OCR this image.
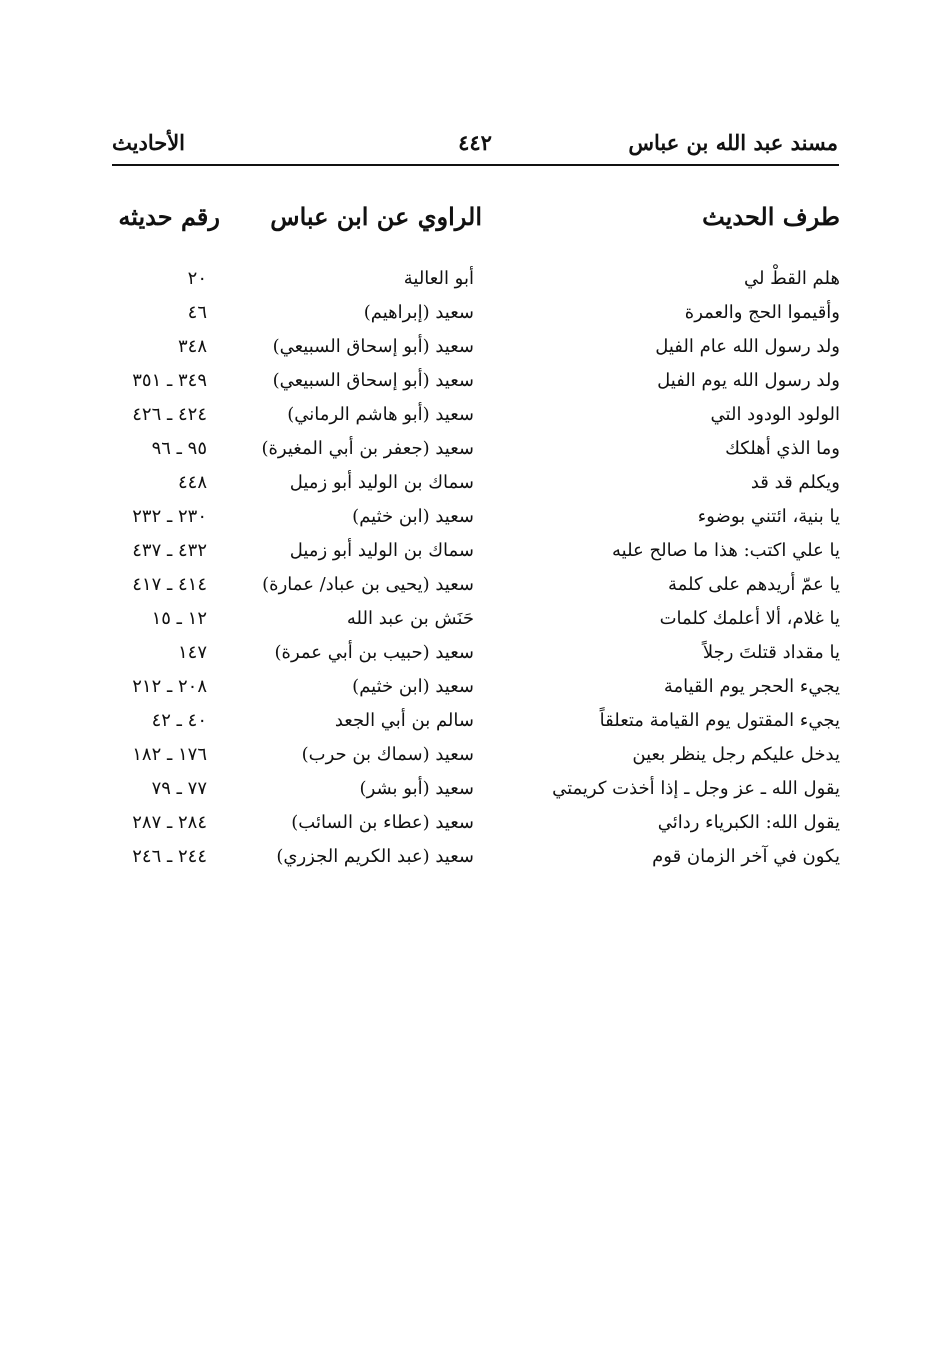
مسند عبد الله بن عباس
٤٤٢
الأحاديث
طرف الحديث
الراوي عن ابن عباس
رقم حديثه
هلم القطْ لي
أبو العالية
٢٠
وأقيموا الحج والعمرة
سعيد (إبراهيم)
٤٦
ولد رسول الله عام الفيل
سعيد (أبو إسحاق السبيعي)
٣٤٨
ولد رسول الله يوم الفيل
سعيد (أبو إسحاق السبيعي)
٣٤٩ ـ ٣٥١
الولود الودود التي
سعيد (أبو هاشم الرماني)
٤٢٤ ـ ٤٢٦
وما الذي أهلكك
سعيد (جعفر بن أبي المغيرة)
٩٥ ـ ٩٦
ويكلم قد قد
سماك بن الوليد أبو زميل
٤٤٨
يا بنية، ائتني بوضوء
سعيد (ابن خثيم)
٢٣٠ ـ ٢٣٢
يا علي اكتب: هذا ما صالح عليه
سماك بن الوليد أبو زميل
٤٣٢ ـ ٤٣٧
يا عمّ أريدهم على كلمة
سعيد (يحيى بن عباد/ عمارة)
٤١٤ ـ ٤١٧
يا غلام، ألا أعلمك كلمات
حَنَش بن عبد الله
١٢ ـ ١٥
يا مقداد قتلتَ رجلاً
سعيد (حبيب بن أبي عمرة)
١٤٧
يجيء الحجر يوم القيامة
سعيد (ابن خثيم)
٢٠٨ ـ ٢١٢
يجيء المقتول يوم القيامة متعلقاً
سالم بن أبي الجعد
٤٠ ـ ٤٢
يدخل عليكم رجل ينظر بعين
سعيد (سماك بن حرب)
١٧٦ ـ ١٨٢
يقول الله ـ عز وجل ـ إذا أخذت كريمتي
سعيد (أبو بشر)
٧٧ ـ ٧٩
يقول الله: الكبرياء ردائي
سعيد (عطاء بن السائب)
٢٨٤ ـ ٢٨٧
يكون في آخر الزمان قوم
سعيد (عبد الكريم الجزري)
٢٤٤ ـ ٢٤٦
